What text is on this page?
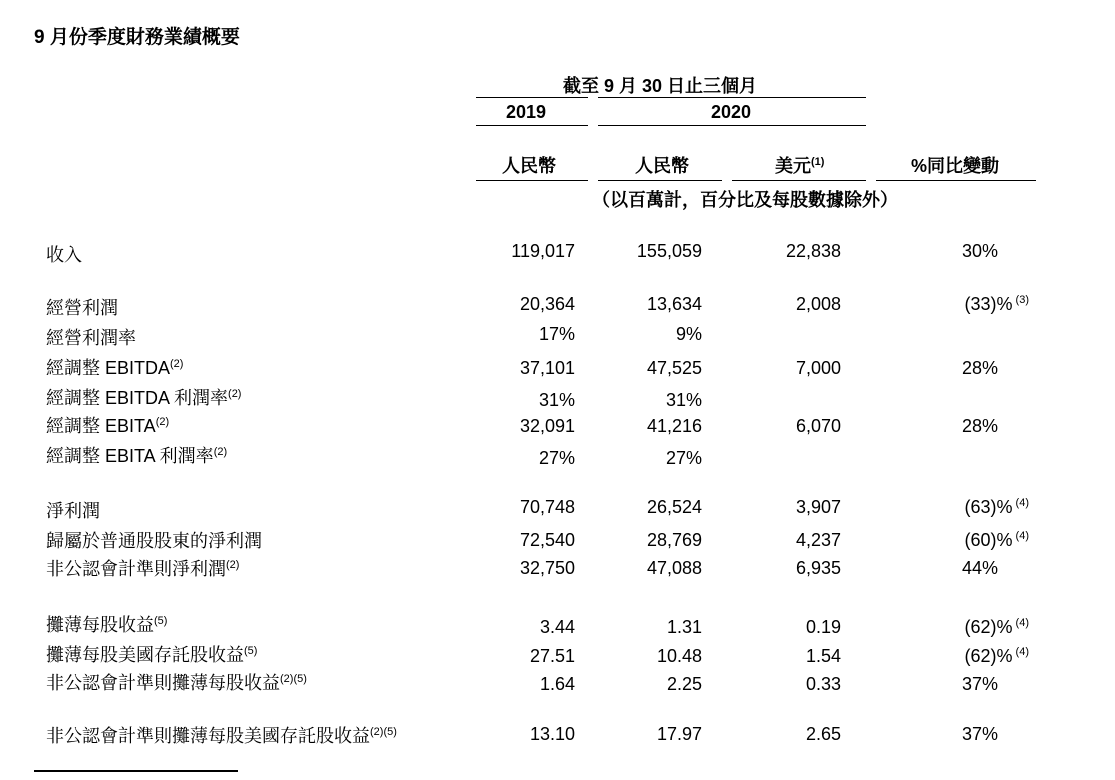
9 月份季度財務業績概要
截至 9 月 30 日止三個月
2019	2020
人民幣	人民幣	美元$^{(1)}$	%同比變動
（以百萬計，百分比及每股數據除外）
收入	119,017	155,059	22,838	30%
經營利潤	20,364	13,634	2,008	(33)% $^{(3)}$
經營利潤率	17%	9%
經調整 EBITDA$^{(2)}$	37,101	47,525	7,000	28%
經調整 EBITDA 利潤率$^{(2)}$	31%	31%
經調整 EBITA$^{(2)}$	32,091	41,216	6,070	28%
經調整 EBITA 利潤率$^{(2)}$	27%	27%
淨利潤	70,748	26,524	3,907	(63)% $^{(4)}$
歸屬於普通股股東的淨利潤	72,540	28,769	4,237	(60)% $^{(4)}$
非公認會計準則淨利潤$^{(2)}$	32,750	47,088	6,935	44%
攤薄每股收益$^{(5)}$	3.44	1.31	0.19	(62)% $^{(4)}$
攤薄每股美國存託股收益$^{(5)}$	27.51	10.48	1.54	(62)% $^{(4)}$
非公認會計準則攤薄每股收益$^{(2)(5)}$	1.64	2.25	0.33	37%
非公認會計準則攤薄每股美國存託股收益$^{(2)(5)}$	13.10	17.97	2.65	37%
